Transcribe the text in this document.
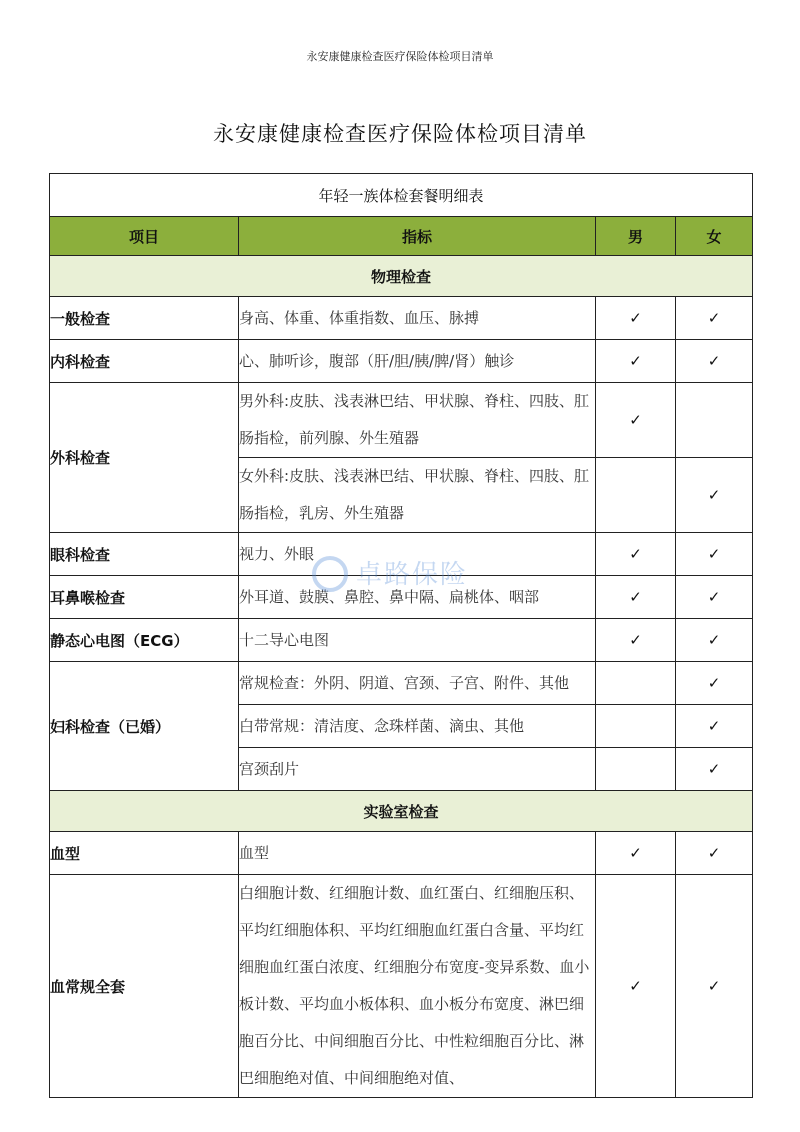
永安康健康检查医疗保险体检项目清单
永安康健康检查医疗保险体检项目清单
年轻一族体检套餐明细表			
项目	指标	男	女
物理检查			
一般检查	身高、体重、体重指数、血压、脉搏	✓	✓
内科检查	心、肺听诊，腹部（肝/胆/胰/脾/肾）触诊	✓	✓
外科检查	男外科:皮肤、浅表淋巴结、甲状腺、脊柱、四肢、肛肠指检，前列腺、外生殖器	✓	
	女外科:皮肤、浅表淋巴结、甲状腺、脊柱、四肢、肛肠指检，乳房、外生殖器		✓
眼科检查	视力、外眼	✓	✓
耳鼻喉检查	外耳道、鼓膜、鼻腔、鼻中隔、扁桃体、咽部	✓	✓
静态心电图（ECG）	十二导心电图	✓	✓
妇科检查（已婚）	常规检查：外阴、阴道、宫颈、子宫、附件、其他		✓
	白带常规：清洁度、念珠样菌、滴虫、其他		✓
	宫颈刮片		✓
实验室检查			
血型	血型	✓	✓
血常规全套	白细胞计数、红细胞计数、血红蛋白、红细胞压积、平均红细胞体积、平均红细胞血红蛋白含量、平均红细胞血红蛋白浓度、红细胞分布宽度-变异系数、血小板计数、平均血小板体积、血小板分布宽度、淋巴细胞百分比、中间细胞百分比、中性粒细胞百分比、淋巴细胞绝对值、中间细胞绝对值、	✓	✓
卓路保险
